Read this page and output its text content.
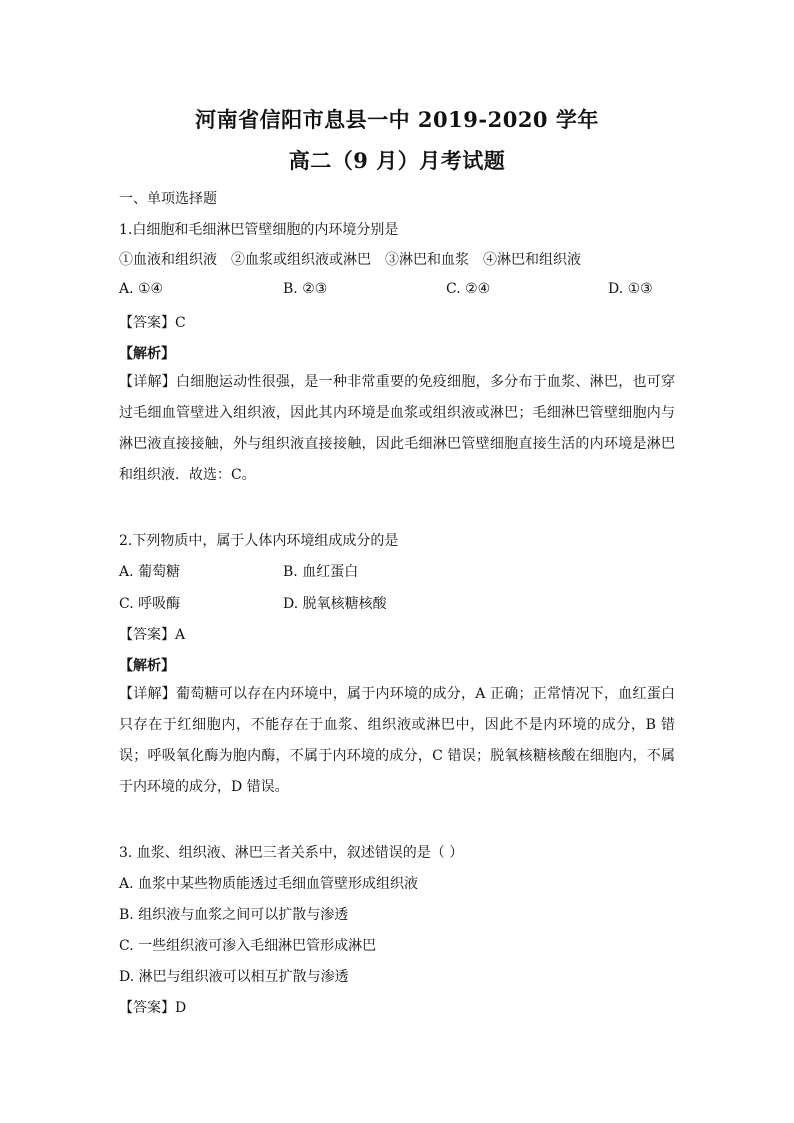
河南省信阳市息县一中 2019-2020 学年
高二（9 月）月考试题
一、单项选择题
1.白细胞和毛细淋巴管壁细胞的内环境分别是
①血液和组织液　②血浆或组织液或淋巴　③淋巴和血浆　④淋巴和组织液
A. ①④	B. ②③	C. ②④	D. ①③
【答案】C
【解析】
【详解】白细胞运动性很强，是一种非常重要的免疫细胞，多分布于血浆、淋巴，也可穿过毛细血管壁进入组织液，因此其内环境是血浆或组织液或淋巴；毛细淋巴管壁细胞内与淋巴液直接接触，外与组织液直接接触，因此毛细淋巴管壁细胞直接生活的内环境是淋巴和组织液．故选：C。
2.下列物质中，属于人体内环境组成成分的是
A. 葡萄糖	B. 血红蛋白
C. 呼吸酶	D. 脱氧核糖核酸
【答案】A
【解析】
【详解】葡萄糖可以存在内环境中，属于内环境的成分，A 正确；正常情况下，血红蛋白只存在于红细胞内，不能存在于血浆、组织液或淋巴中，因此不是内环境的成分，B 错误；呼吸氧化酶为胞内酶，不属于内环境的成分，C 错误；脱氧核糖核酸在细胞内，不属于内环境的成分，D 错误。
3. 血浆、组织液、淋巴三者关系中，叙述错误的是（ ）
A. 血浆中某些物质能透过毛细血管壁形成组织液
B. 组织液与血浆之间可以扩散与渗透
C. 一些组织液可渗入毛细淋巴管形成淋巴
D. 淋巴与组织液可以相互扩散与渗透
【答案】D
